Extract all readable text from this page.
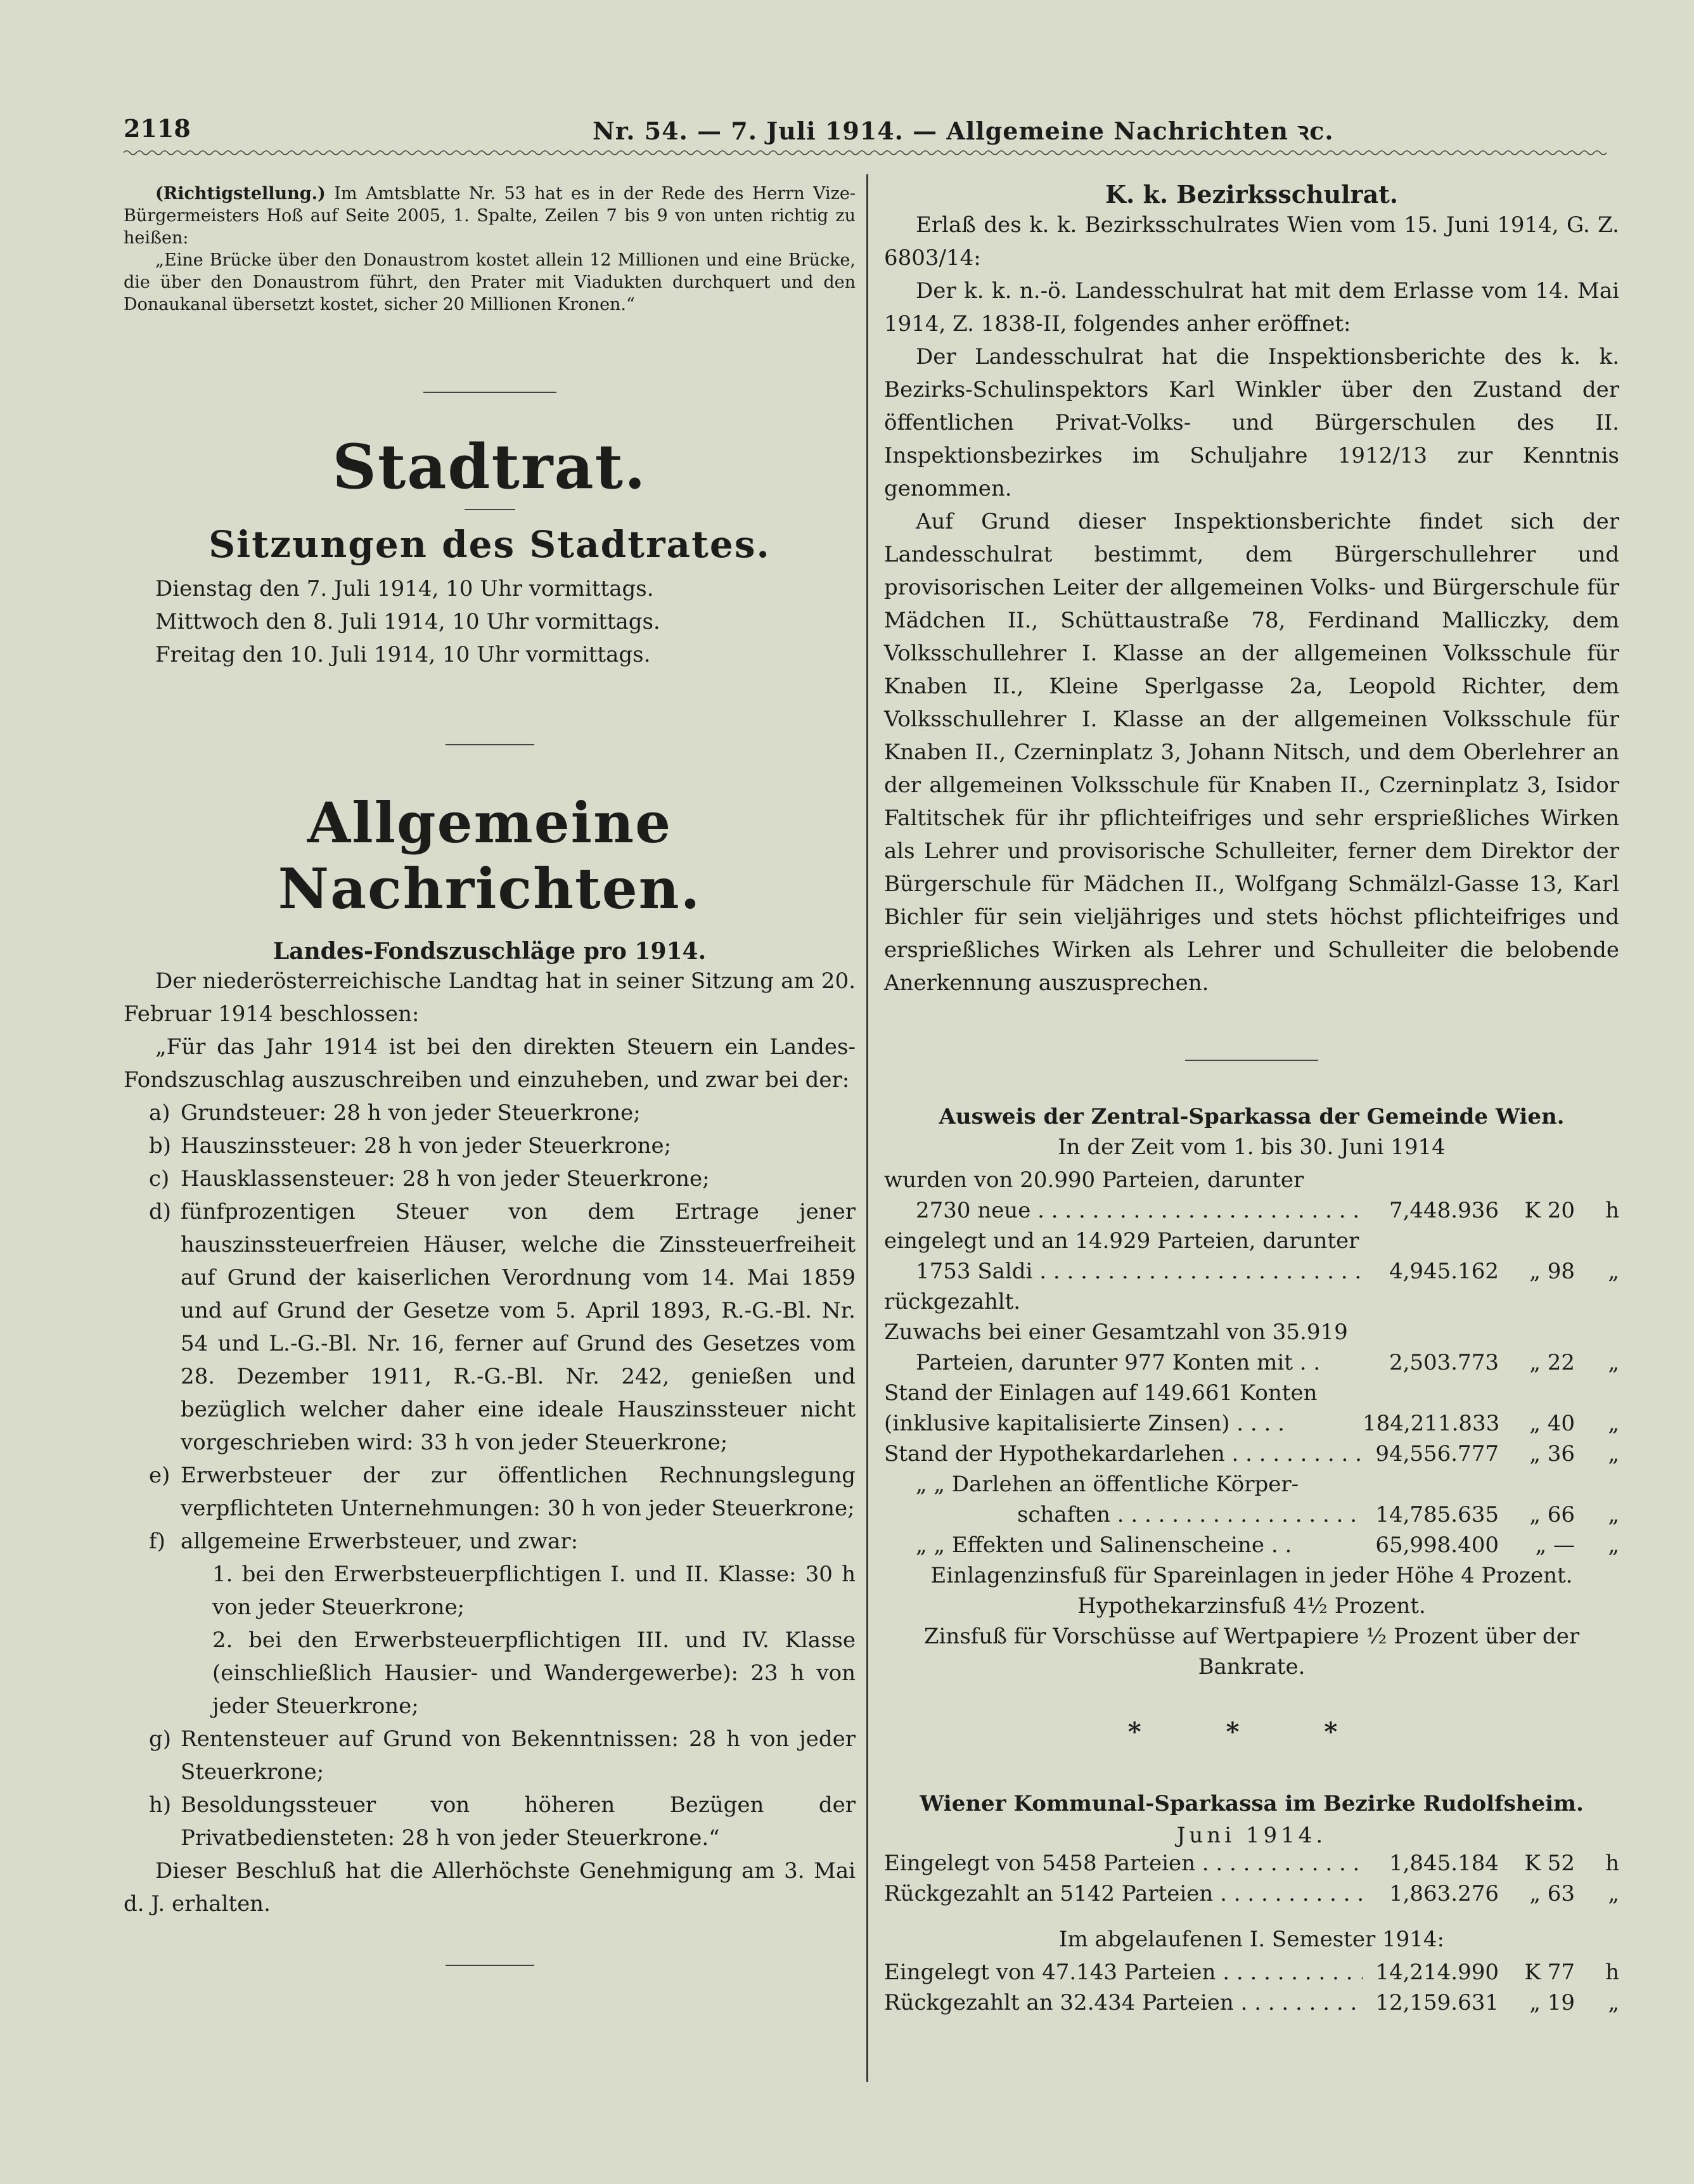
2118	Nr. 54. — 7. Juli 1914. — Allgemeine Nachrichten ꝛc.

(Richtigstellung.) Im Amtsblatte Nr. 53 hat es in der Rede des Herrn Vize-Bürgermeisters Hoß auf Seite 2005, 1. Spalte, Zeilen 7 bis 9 von unten richtig zu heißen:

„Eine Brücke über den Donaustrom kostet allein 12 Millionen und eine Brücke, die über den Donaustrom führt, den Prater mit Viadukten durchquert und den Donaukanal übersetzt kostet, sicher 20 Millionen Kronen.“

Stadtrat.

Sitzungen des Stadtrates.

Dienstag den 7. Juli 1914, 10 Uhr vormittags.

Mittwoch den 8. Juli 1914, 10 Uhr vormittags.

Freitag den 10. Juli 1914, 10 Uhr vormittags.

Allgemeine Nachrichten.

Landes-Fondszuschläge pro 1914.

Der niederösterreichische Landtag hat in seiner Sitzung am 20. Februar 1914 beschlossen:

„Für das Jahr 1914 ist bei den direkten Steuern ein Landes-Fondszuschlag auszuschreiben und einzuheben, und zwar bei der:

a) Grundsteuer: 28 h von jeder Steuerkrone;
b) Hauszinssteuer: 28 h von jeder Steuerkrone;
c) Hausklassensteuer: 28 h von jeder Steuerkrone;
d) fünfprozentigen Steuer von dem Ertrage jener hauszinssteuerfreien Häuser, welche die Zinssteuerfreiheit auf Grund der kaiserlichen Verordnung vom 14. Mai 1859 und auf Grund der Gesetze vom 5. April 1893, R.-G.-Bl. Nr. 54 und L.-G.-Bl. Nr. 16, ferner auf Grund des Gesetzes vom 28. Dezember 1911, R.-G.-Bl. Nr. 242, genießen und bezüglich welcher daher eine ideale Hauszinssteuer nicht vorgeschrieben wird: 33 h von jeder Steuerkrone;
e) Erwerbsteuer der zur öffentlichen Rechnungslegung verpflichteten Unternehmungen: 30 h von jeder Steuerkrone;
f) allgemeine Erwerbsteuer, und zwar:

1. bei den Erwerbsteuerpflichtigen I. und II. Klasse: 30 h von jeder Steuerkrone;

2. bei den Erwerbsteuerpflichtigen III. und IV. Klasse (einschließlich Hausier- und Wandergewerbe): 23 h von jeder Steuerkrone;

g) Rentensteuer auf Grund von Bekenntnissen: 28 h von jeder Steuerkrone;
h) Besoldungssteuer von höheren Bezügen der Privatbediensteten: 28 h von jeder Steuerkrone.“

Dieser Beschluß hat die Allerhöchste Genehmigung am 3. Mai d. J. erhalten.

K. k. Bezirksschulrat.

Erlaß des k. k. Bezirksschulrates Wien vom 15. Juni 1914, G. Z. 6803/14:

Der k. k. n.-ö. Landesschulrat hat mit dem Erlasse vom 14. Mai 1914, Z. 1838-II, folgendes anher eröffnet:

Der Landesschulrat hat die Inspektionsberichte des k. k. Bezirks-Schulinspektors Karl Winkler über den Zustand der öffentlichen Privat-Volks- und Bürgerschulen des II. Inspektionsbezirkes im Schuljahre 1912/13 zur Kenntnis genommen.

Auf Grund dieser Inspektionsberichte findet sich der Landesschulrat bestimmt, dem Bürgerschullehrer und provisorischen Leiter der allgemeinen Volks- und Bürgerschule für Mädchen II., Schüttaustraße 78, Ferdinand Malliczky, dem Volksschullehrer I. Klasse an der allgemeinen Volksschule für Knaben II., Kleine Sperlgasse 2a, Leopold Richter, dem Volksschullehrer I. Klasse an der allgemeinen Volksschule für Knaben II., Czerninplatz 3, Johann Nitsch, und dem Oberlehrer an der allgemeinen Volksschule für Knaben II., Czerninplatz 3, Isidor Faltitschek für ihr pflichteifriges und sehr ersprießliches Wirken als Lehrer und provisorische Schulleiter, ferner dem Direktor der Bürgerschule für Mädchen II., Wolfgang Schmälzl-Gasse 13, Karl Bichler für sein vieljähriges und stets höchst pflichteifriges und ersprießliches Wirken als Lehrer und Schulleiter die belobende Anerkennung auszusprechen.

Ausweis der Zentral-Sparkassa der Gemeinde Wien.

In der Zeit vom 1. bis 30. Juni 1914

wurden von 20.990 Parteien, darunter
2730 neue . . .	7,448.936	K 20	h
eingelegt und an 14.929 Parteien, darunter
1753 Saldi . . .	4,945.162	„ 98	„
rückgezahlt.
Zuwachs bei einer Gesamtzahl von 35.919
Parteien, darunter 977 Konten mit . .	2,503.773	„ 22	„
Stand der Einlagen auf 149.661 Konten
(inklusive kapitalisierte Zinsen) . . . .	184,211.833	„ 40	„
Stand der Hypothekardarlehen . . .	94,556.777	„ 36	„
„ „ Darlehen an öffentliche Körper-
schaften . . .	14,785.635	„ 66	„
„ „ Effekten und Salinenscheine . .	65,998.400	„ —	„

Einlagenzinsfuß für Spareinlagen in jeder Höhe 4 Prozent.

Hypothekarzinsfuß 4½ Prozent.

Zinsfuß für Vorschüsse auf Wertpapiere ½ Prozent über der Bankrate.

* * *

Wiener Kommunal-Sparkassa im Bezirke Rudolfsheim.

Juni 1914.

Eingelegt von 5458 Parteien . . .	1,845.184	K 52	h
Rückgezahlt an 5142 Parteien . . .	1,863.276	„ 63	„

Im abgelaufenen I. Semester 1914:

Eingelegt von 47.143 Parteien . . .	14,214.990	K 77	h
Rückgezahlt an 32.434 Parteien . . .	12,159.631	„ 19	„
